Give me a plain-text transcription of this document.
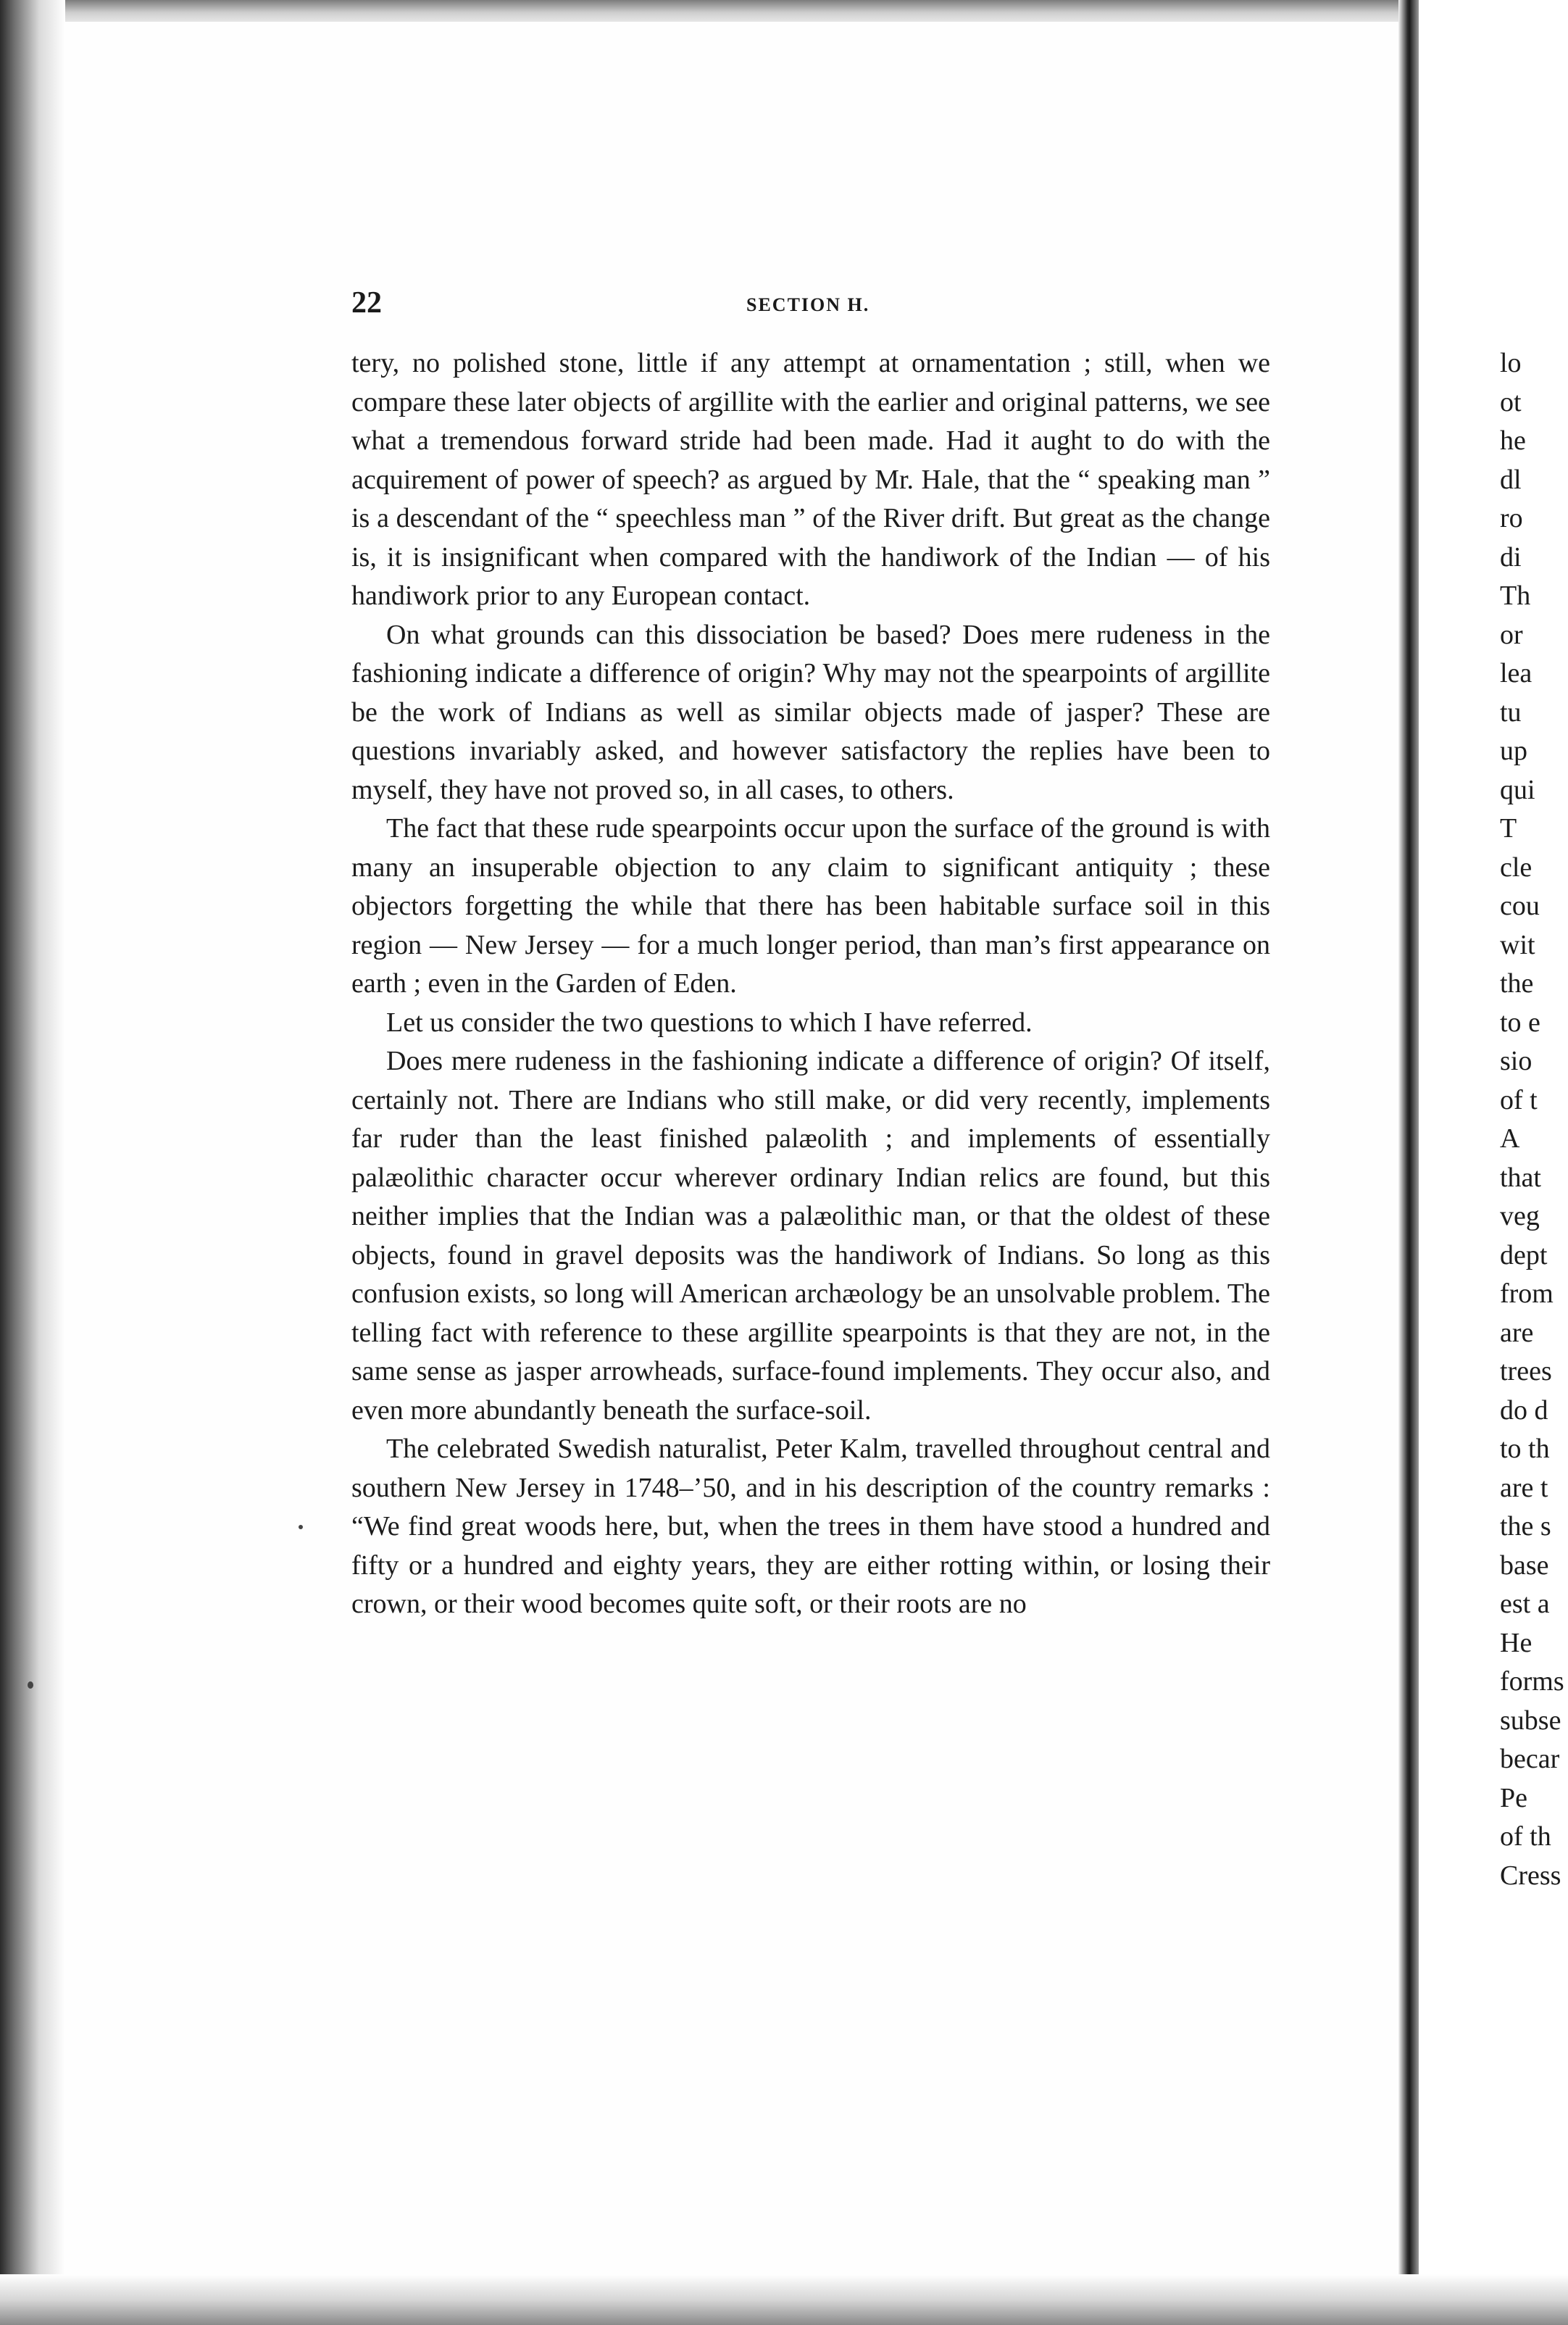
22	SECTION H.

tery, no polished stone, little if any attempt at ornamentation ; still, when we compare these later objects of argillite with the earlier and original patterns, we see what a tremendous forward stride had been made. Had it aught to do with the acquirement of power of speech? as argued by Mr. Hale, that the “ speaking man ” is a descendant of the “ speechless man ” of the River drift. But great as the change is, it is insignificant when compared with the handiwork of the Indian — of his handiwork prior to any European contact.

On what grounds can this dissociation be based? Does mere rudeness in the fashioning indicate a difference of origin? Why may not the spearpoints of argillite be the work of Indians as well as similar objects made of jasper? These are questions invariably asked, and however satisfactory the replies have been to myself, they have not proved so, in all cases, to others.

The fact that these rude spearpoints occur upon the surface of the ground is with many an insuperable objection to any claim to significant antiquity ; these objectors forgetting the while that there has been habitable surface soil in this region — New Jersey — for a much longer period, than man’s first appearance on earth ; even in the Garden of Eden.

Let us consider the two questions to which I have referred.

Does mere rudeness in the fashioning indicate a difference of origin? Of itself, certainly not. There are Indians who still make, or did very recently, implements far ruder than the least finished palæolith ; and implements of essentially palæolithic character occur wherever ordinary Indian relics are found, but this neither implies that the Indian was a palæolithic man, or that the oldest of these objects, found in gravel deposits was the handiwork of Indians. So long as this confusion exists, so long will American archæology be an unsolvable problem. The telling fact with reference to these argillite spearpoints is that they are not, in the same sense as jasper arrowheads, surface-found implements. They occur also, and even more abundantly beneath the surface-soil.

The celebrated Swedish naturalist, Peter Kalm, travelled throughout central and southern New Jersey in 1748–’50, and in his description of the country remarks : “We find great woods here, but, when the trees in them have stood a hundred and fifty or a hundred and eighty years, they are either rotting within, or losing their crown, or their wood becomes quite soft, or their roots are no

lo
ot
he
dl
ro
di
Th
or
lea
tu
up
qui
T
cle
cou
wit
the
to e
sio
of t
A
that
veg
dept
from
are
trees
do d
to th
are t
the s
base
est a
He
forms
subse
becar
Pe
of th
Cress
